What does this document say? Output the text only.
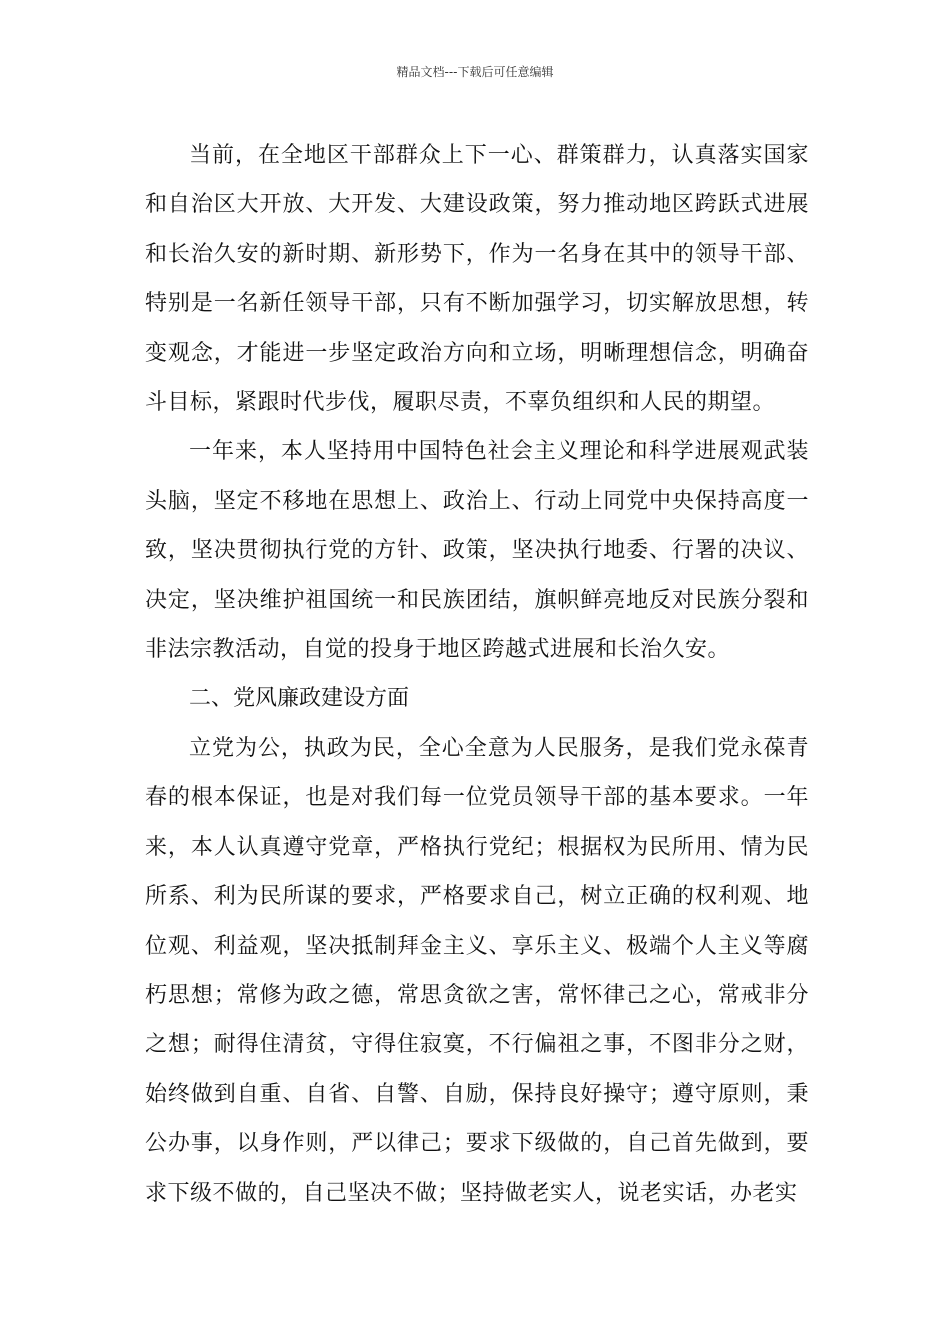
精品文档---下载后可任意编辑

当前，在全地区干部群众上下一心、群策群力，认真落实国家和自治区大开放、大开发、大建设政策，努力推动地区跨跃式进展和长治久安的新时期、新形势下，作为一名身在其中的领导干部、特别是一名新任领导干部，只有不断加强学习，切实解放思想，转变观念，才能进一步坚定政治方向和立场，明晰理想信念，明确奋斗目标，紧跟时代步伐，履职尽责，不辜负组织和人民的期望。

一年来，本人坚持用中国特色社会主义理论和科学进展观武装头脑，坚定不移地在思想上、政治上、行动上同党中央保持高度一致，坚决贯彻执行党的方针、政策，坚决执行地委、行署的决议、决定，坚决维护祖国统一和民族团结，旗帜鲜亮地反对民族分裂和非法宗教活动，自觉的投身于地区跨越式进展和长治久安。

二、党风廉政建设方面

立党为公，执政为民，全心全意为人民服务，是我们党永葆青春的根本保证，也是对我们每一位党员领导干部的基本要求。一年来，本人认真遵守党章，严格执行党纪；根据权为民所用、情为民所系、利为民所谋的要求，严格要求自己，树立正确的权利观、地位观、利益观，坚决抵制拜金主义、享乐主义、极端个人主义等腐朽思想；常修为政之德，常思贪欲之害，常怀律己之心，常戒非分之想；耐得住清贫，守得住寂寞，不行偏祖之事，不图非分之财，始终做到自重、自省、自警、自励，保持良好操守；遵守原则，秉公办事，以身作则，严以律己；要求下级做的，自己首先做到，要求下级不做的，自己坚决不做；坚持做老实人，说老实话，办老实
